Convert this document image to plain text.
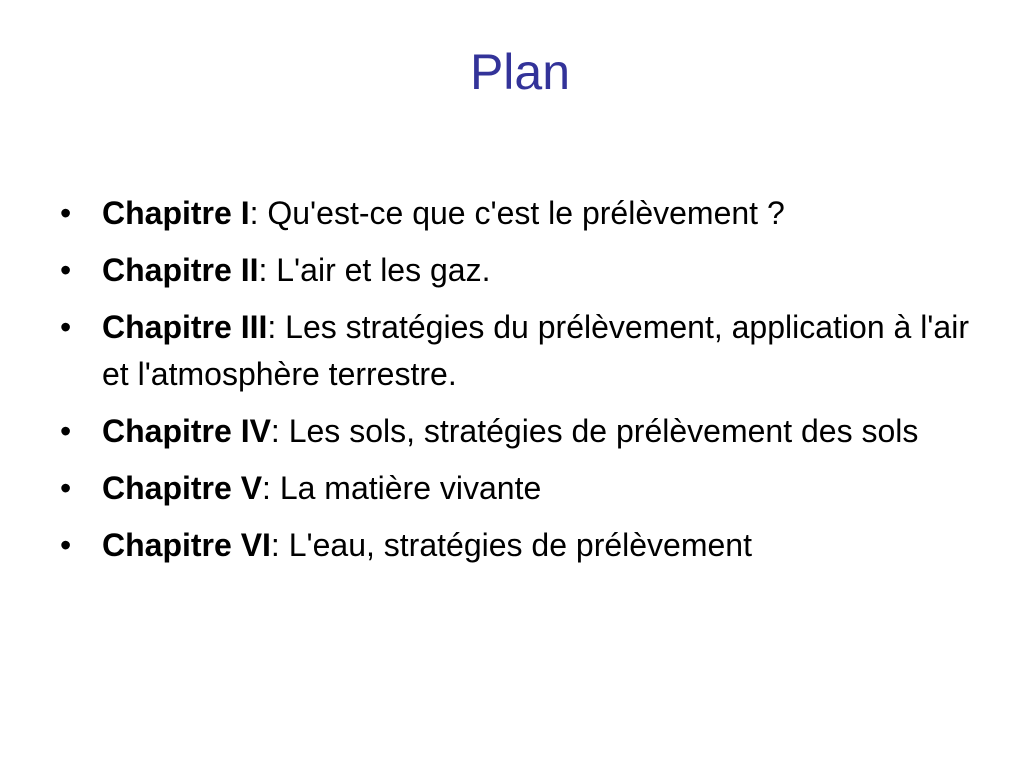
Plan
• Chapitre I: Qu'est-ce que c'est le prélèvement ?
• Chapitre II: L'air et les gaz.
• Chapitre III: Les stratégies du prélèvement, application à l'air et l'atmosphère terrestre.
• Chapitre IV: Les sols, stratégies de prélèvement des sols
• Chapitre V: La matière vivante
• Chapitre VI: L'eau, stratégies de prélèvement
